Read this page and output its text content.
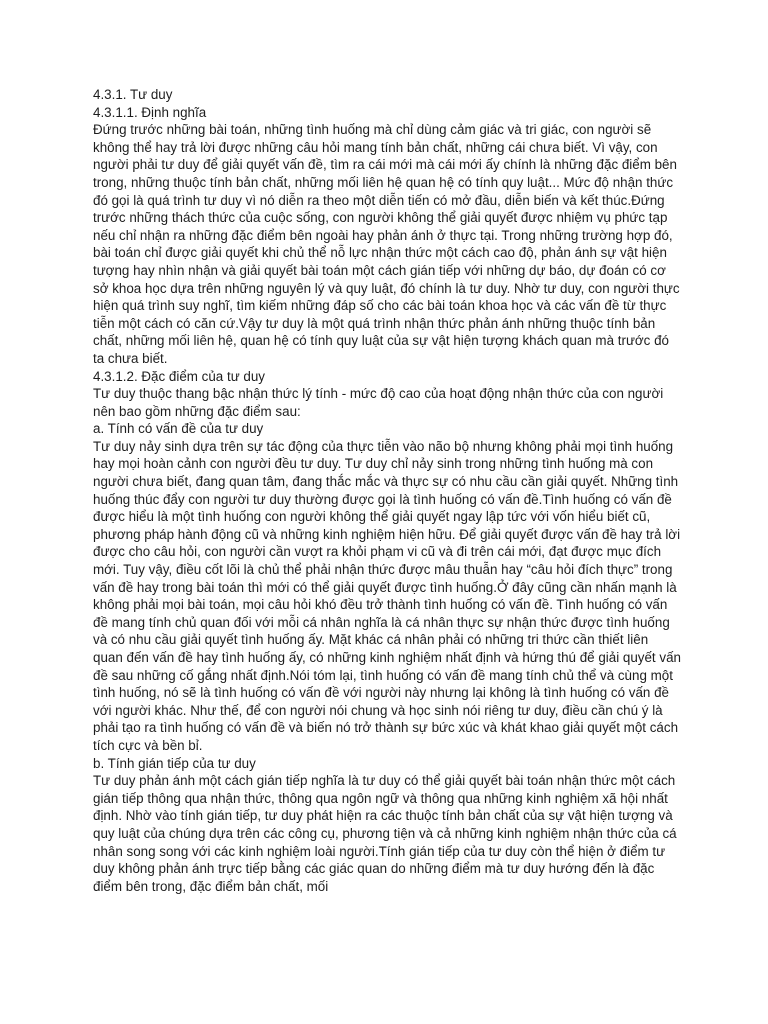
4.3.1. Tư duy

4.3.1.1. Định nghĩa

Đứng trước những bài toán, những tình huống mà chỉ dùng cảm giác và tri giác, con người sẽ không thể hay trả lời được những câu hỏi mang tính bản chất, những cái chưa biết. Vì vậy, con người phải tư duy để giải quyết vấn đề, tìm ra cái mới mà cái mới ấy chính là những đặc điểm bên trong, những thuộc tính bản chất, những mối liên hệ quan hệ có tính quy luật... Mức độ nhận thức đó gọi là quá trình tư duy vì nó diễn ra theo một diễn tiến có mở đầu, diễn biến và kết thúc.Đứng trước những thách thức của cuộc sống, con người không thể giải quyết được nhiệm vụ phức tạp nếu chỉ nhận ra những đặc điểm bên ngoài hay phản ánh ở thực tại. Trong những trường hợp đó, bài toán chỉ được giải quyết khi chủ thể nỗ lực nhận thức một cách cao độ, phản ánh sự vật hiện tượng hay nhìn nhận và giải quyết bài toán một cách gián tiếp với những dự báo, dự đoán có cơ sở khoa học dựa trên những nguyên lý và quy luật, đó chính là tư duy. Nhờ tư duy, con người thực hiện quá trình suy nghĩ, tìm kiếm những đáp số cho các bài toán khoa học và các vấn đề từ thực tiễn một cách có căn cứ.Vậy tư duy là một quá trình nhận thức phản ánh những thuộc tính bản chất, những mối liên hệ, quan hệ có tính quy luật của sự vật hiện tượng khách quan mà trước đó ta chưa biết.

4.3.1.2. Đặc điểm của tư duy

Tư duy thuộc thang bậc nhận thức lý tính - mức độ cao của hoạt động nhận thức của con người nên bao gồm những đặc điểm sau:

a. Tính có vấn đề của tư duy

Tư duy nảy sinh dựa trên sự tác động của thực tiễn vào não bộ nhưng không phải mọi tình huống hay mọi hoàn cảnh con người đều tư duy. Tư duy chỉ nảy sinh trong những tình huống mà con người chưa biết, đang quan tâm, đang thắc mắc và thực sự có nhu cầu cần giải quyết. Những tình huống thúc đẩy con người tư duy thường được gọi là tình huống có vấn đề.Tình huống có vấn đề được hiểu là một tình huống con người không thể giải quyết ngay lập tức với vốn hiểu biết cũ, phương pháp hành động cũ và những kinh nghiệm hiện hữu. Để giải quyết được vấn đề hay trả lời được cho câu hỏi, con người cần vượt ra khỏi phạm vi cũ và đi trên cái mới, đạt được mục đích mới. Tuy vậy, điều cốt lõi là chủ thể phải nhận thức được mâu thuẫn hay “câu hỏi đích thực” trong vấn đề hay trong bài toán thì mới có thể giải quyết được tình huống.Ở đây cũng cần nhấn mạnh là không phải mọi bài toán, mọi câu hỏi khó đều trở thành tình huống có vấn đề. Tình huống có vấn đề mang tính chủ quan đối với mỗi cá nhân nghĩa là cá nhân thực sự nhận thức được tình huống và có nhu cầu giải quyết tình huống ấy. Mặt khác cá nhân phải có những tri thức cần thiết liên quan đến vấn đề hay tình huống ấy, có những kinh nghiệm nhất định và hứng thú để giải quyết vấn đề sau những cố gắng nhất định.Nói tóm lại, tình huống có vấn đề mang tính chủ thể và cùng một tình huống, nó sẽ là tình huống có vấn đề với người này nhưng lại không là tình huống có vấn đề với người khác. Như thế, để con người nói chung và học sinh nói riêng tư duy, điều cần chú ý là phải tạo ra tình huống có vấn đề và biến nó trở thành sự bức xúc và khát khao giải quyết một cách tích cực và bền bỉ.

b. Tính gián tiếp của tư duy

Tư duy phản ánh một cách gián tiếp nghĩa là tư duy có thể giải quyết bài toán nhận thức một cách gián tiếp thông qua nhận thức, thông qua ngôn ngữ và thông qua những kinh nghiệm xã hội nhất định. Nhờ vào tính gián tiếp, tư duy phát hiện ra các thuộc tính bản chất của sự vật hiện tượng và quy luật của chúng dựa trên các công cụ, phương tiện và cả những kinh nghiệm nhận thức của cá nhân song song với các kinh nghiệm loài người.Tính gián tiếp của tư duy còn thể hiện ở điểm tư duy không phản ánh trực tiếp bằng các giác quan do những điểm mà tư duy hướng đến là đặc điểm bên trong, đặc điểm bản chất, mối
